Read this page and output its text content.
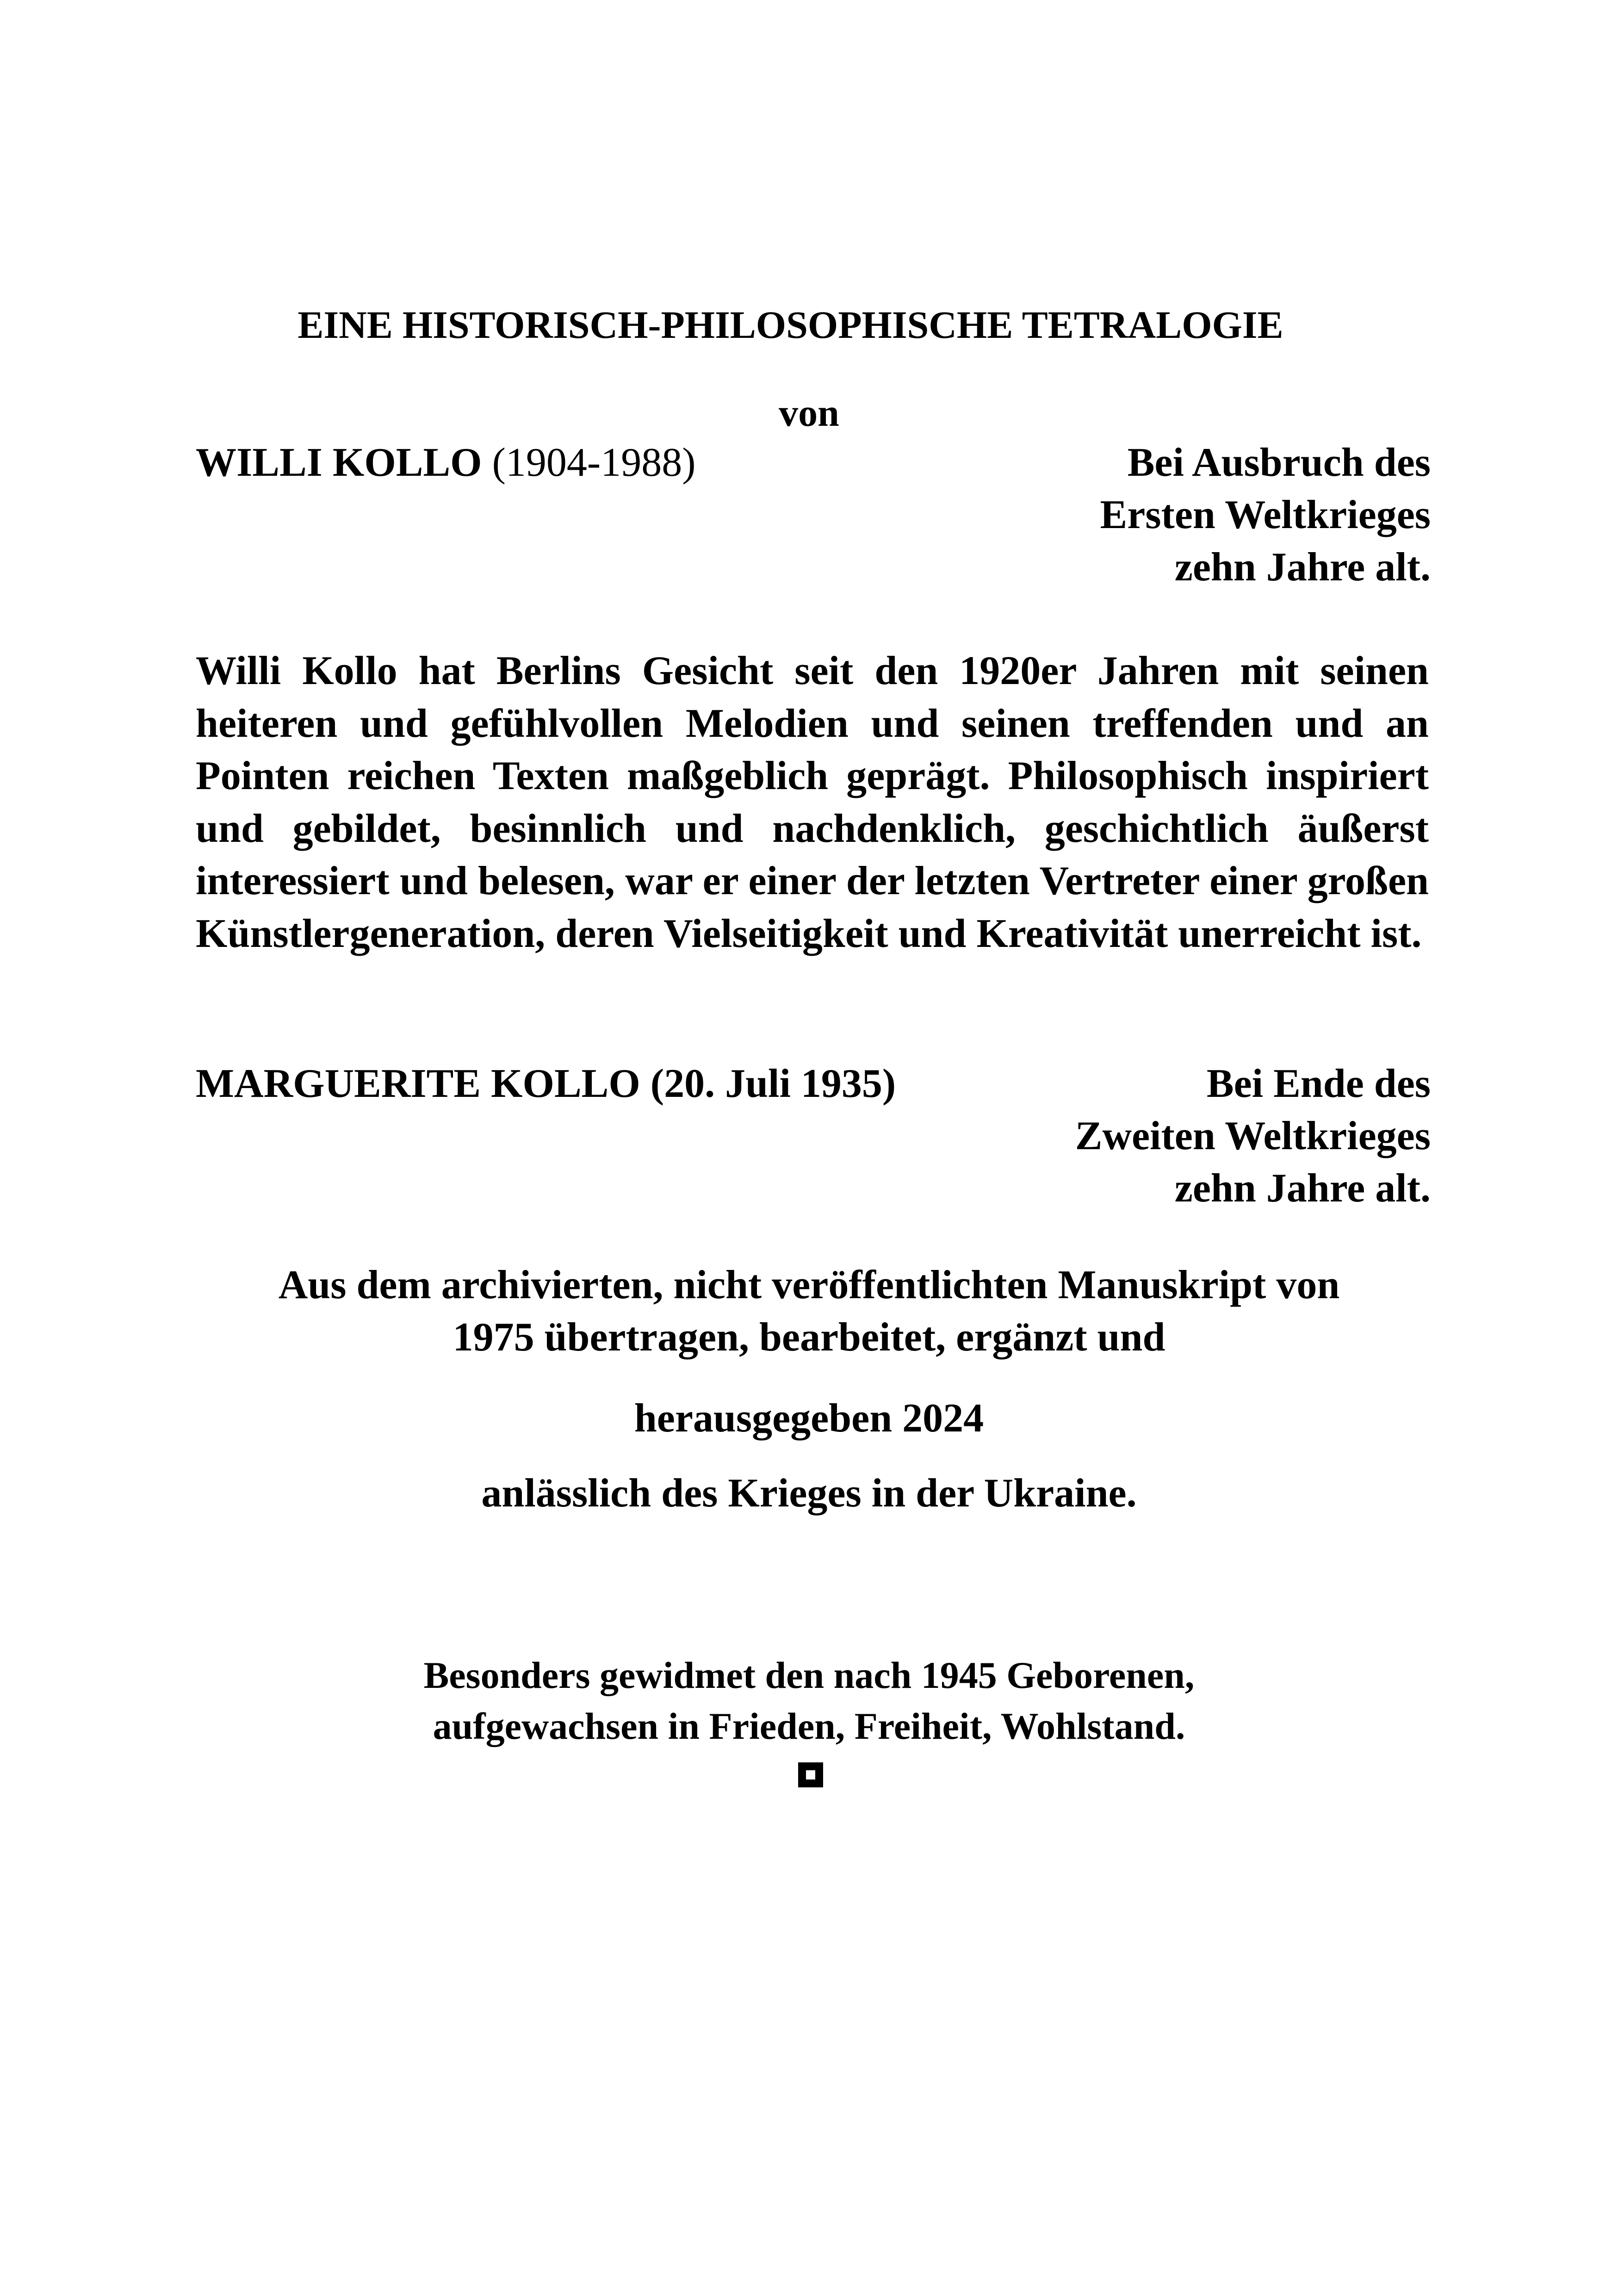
EINE HISTORISCH-PHILOSOPHISCHE TETRALOGIE
von
WILLI KOLLO (1904-1988)	Bei Ausbruch des
Ersten Weltkrieges
zehn Jahre alt.

Willi Kollo hat Berlins Gesicht seit den 1920er Jahren mit seinen heiteren und gefühlvollen Melodien und seinen treffenden und an Pointen reichen Texten maßgeblich geprägt. Philosophisch inspiriert und gebildet, besinnlich und nachdenklich, geschichtlich äußerst interessiert und belesen, war er einer der letzten Vertreter einer großen Künstlergeneration, deren Vielseitigkeit und Kreativität unerreicht ist.

MARGUERITE KOLLO (20. Juli 1935)	Bei Ende des
Zweiten Weltkrieges
zehn Jahre alt.
Aus dem archivierten, nicht veröffentlichten Manuskript von
1975 übertragen, bearbeitet, ergänzt und
herausgegeben 2024
anlässlich des Krieges in der Ukraine.
Besonders gewidmet den nach 1945 Geborenen,
aufgewachsen in Frieden, Freiheit, Wohlstand.
